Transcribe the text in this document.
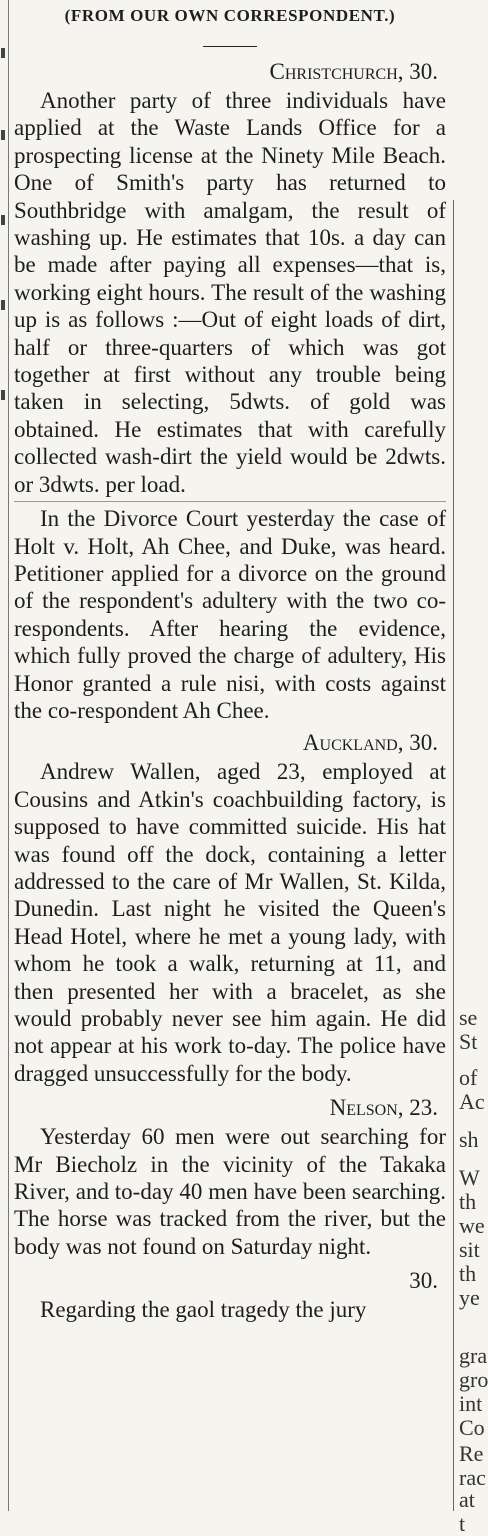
se
St
of
Ac
sh
W
th
we
sit
th
ye
gra
gro
int
Co
Re
rac
at t
(FROM OUR OWN CORRESPONDENT.)
Christchurch, 30.

Another party of three individuals have applied at the Waste Lands Office for a prospecting license at the Ninety Mile Beach. One of Smith's party has returned to Southbridge with amalgam, the result of washing up. He estimates that 10s. a day can be made after paying all expenses—that is, working eight hours. The result of the washing up is as follows :—Out of eight loads of dirt, half or three-quarters of which was got together at first without any trouble being taken in selecting, 5dwts. of gold was obtained. He estimates that with carefully collected wash-dirt the yield would be 2dwts. or 3dwts. per load.

In the Divorce Court yesterday the case of Holt v. Holt, Ah Chee, and Duke, was heard. Petitioner applied for a divorce on the ground of the respondent's adultery with the two co-respondents. After hearing the evidence, which fully proved the charge of adultery, His Honor granted a rule nisi, with costs against the co-respondent Ah Chee.

Auckland, 30.

Andrew Wallen, aged 23, employed at Cousins and Atkin's coachbuilding factory, is supposed to have committed suicide. His hat was found off the dock, containing a letter addressed to the care of Mr Wallen, St. Kilda, Dunedin. Last night he visited the Queen's Head Hotel, where he met a young lady, with whom he took a walk, returning at 11, and then presented her with a bracelet, as she would probably never see him again. He did not appear at his work to-day. The police have dragged unsuccessfully for the body.

Nelson, 23.

Yesterday 60 men were out searching for Mr Biecholz in the vicinity of the Takaka River, and to-day 40 men have been searching. The horse was tracked from the river, but the body was not found on Saturday night.

30.

Regarding the gaol tragedy the jury
